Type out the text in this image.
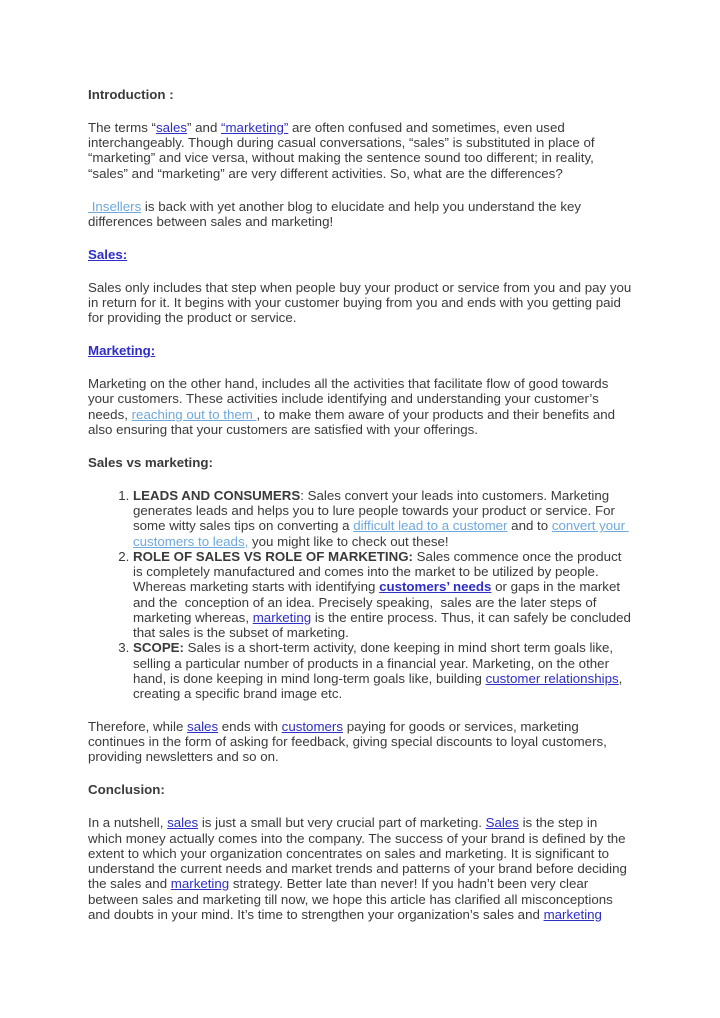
Introduction :

The terms “sales” and “marketing” are often confused and sometimes, even used interchangeably. Though during casual conversations, “sales” is substituted in place of “marketing” and vice versa, without making the sentence sound too different; in reality, “sales” and “marketing” are very different activities. So, what are the differences?

Insellers is back with yet another blog to elucidate and help you understand the key differences between sales and marketing!

Sales:

Sales only includes that step when people buy your product or service from you and pay you in return for it. It begins with your customer buying from you and ends with you getting paid for providing the product or service.

Marketing:

Marketing on the other hand, includes all the activities that facilitate flow of good towards your customers. These activities include identifying and understanding your customer’s needs, reaching out to them , to make them aware of your products and their benefits and also ensuring that your customers are satisfied with your offerings.

Sales vs marketing:

1. LEADS AND CONSUMERS: Sales convert your leads into customers. Marketing generates leads and helps you to lure people towards your product or service. For some witty sales tips on converting a difficult lead to a customer and to convert your customers to leads, you might like to check out these!
2. ROLE OF SALES VS ROLE OF MARKETING: Sales commence once the product is completely manufactured and comes into the market to be utilized by people. Whereas marketing starts with identifying customers’ needs or gaps in the market and the  conception of an idea. Precisely speaking,  sales are the later steps of marketing whereas, marketing is the entire process. Thus, it can safely be concluded that sales is the subset of marketing.
3. SCOPE: Sales is a short-term activity, done keeping in mind short term goals like, selling a particular number of products in a financial year. Marketing, on the other hand, is done keeping in mind long-term goals like, building customer relationships, creating a specific brand image etc.

Therefore, while sales ends with customers paying for goods or services, marketing continues in the form of asking for feedback, giving special discounts to loyal customers, providing newsletters and so on.

Conclusion:

In a nutshell, sales is just a small but very crucial part of marketing. Sales is the step in which money actually comes into the company. The success of your brand is defined by the extent to which your organization concentrates on sales and marketing. It is significant to understand the current needs and market trends and patterns of your brand before deciding the sales and marketing strategy. Better late than never! If you hadn’t been very clear between sales and marketing till now, we hope this article has clarified all misconceptions and doubts in your mind. It’s time to strengthen your organization’s sales and marketing
